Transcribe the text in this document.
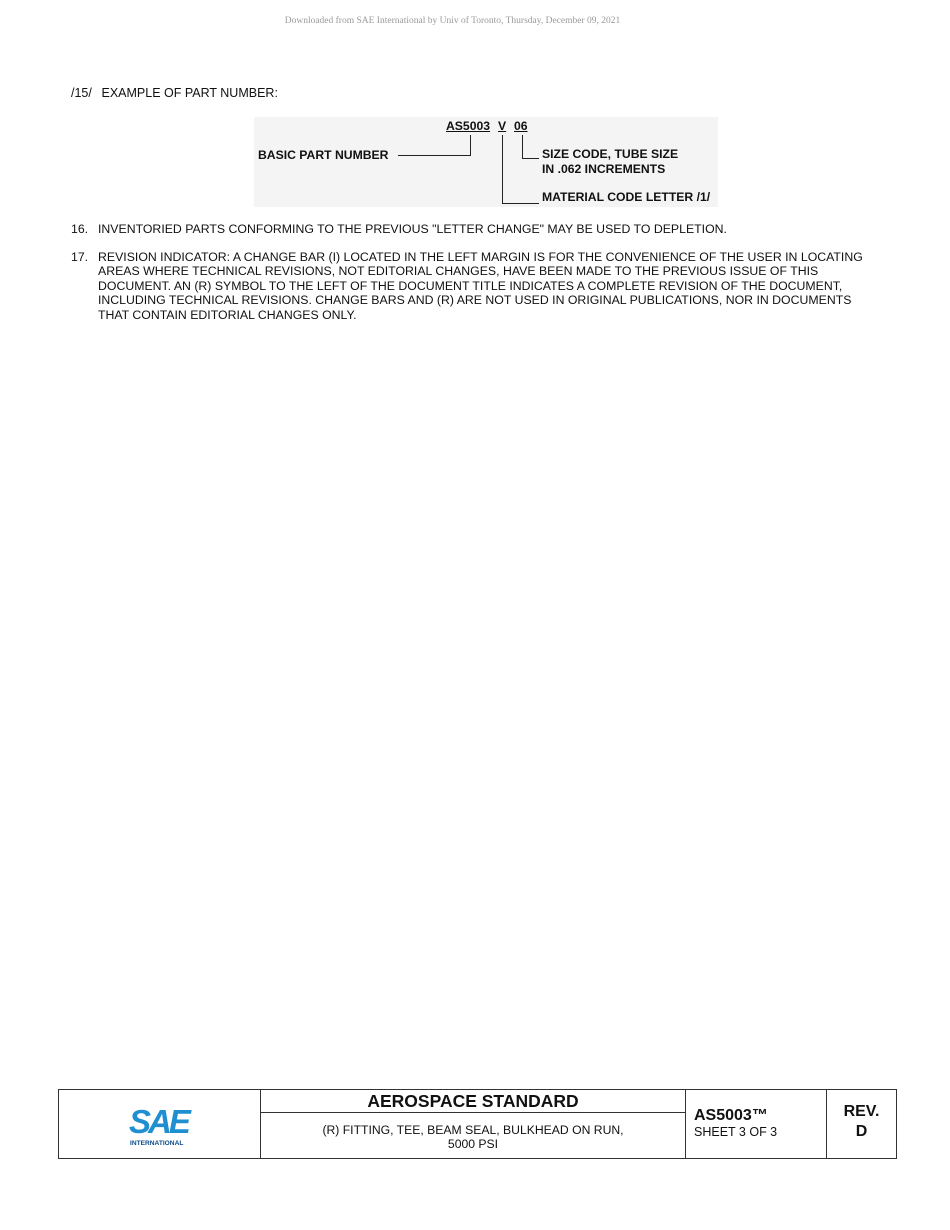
Downloaded from SAE International by Univ of Toronto, Thursday, December 09, 2021
/15/ EXAMPLE OF PART NUMBER:
AS5003 V 06
BASIC PART NUMBER	SIZE CODE, TUBE SIZE
IN .062 INCREMENTS
MATERIAL CODE LETTER /1/
16. INVENTORIED PARTS CONFORMING TO THE PREVIOUS "LETTER CHANGE" MAY BE USED TO DEPLETION.
17. REVISION INDICATOR: A CHANGE BAR (I) LOCATED IN THE LEFT MARGIN IS FOR THE CONVENIENCE OF THE USER IN LOCATING AREAS WHERE TECHNICAL REVISIONS, NOT EDITORIAL CHANGES, HAVE BEEN MADE TO THE PREVIOUS ISSUE OF THIS DOCUMENT. AN (R) SYMBOL TO THE LEFT OF THE DOCUMENT TITLE INDICATES A COMPLETE REVISION OF THE DOCUMENT, INCLUDING TECHNICAL REVISIONS. CHANGE BARS AND (R) ARE NOT USED IN ORIGINAL PUBLICATIONS, NOR IN DOCUMENTS THAT CONTAIN EDITORIAL CHANGES ONLY.
SAE
INTERNATIONAL
AEROSPACE STANDARD
(R) FITTING, TEE, BEAM SEAL, BULKHEAD ON RUN,
5000 PSI
AS5003™
SHEET 3 OF 3
REV.
D
